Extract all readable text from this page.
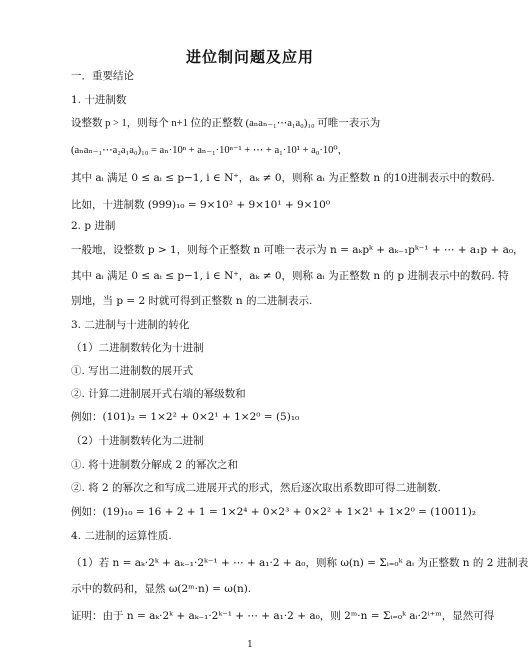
进位制问题及应用
一．重要结论
1. 十进制数
设整数 p > 1，则每个 n+1 位的正整数 (aₙaₙ₋₁⋯a₁a₀)₁₀ 可唯一表示为
(aₙaₙ₋₁⋯a₂a₁a₀)₁₀ = aₙ·10ⁿ + aₙ₋₁·10ⁿ⁻¹ + ⋯ + a₁·10¹ + a₀·10⁰，
其中 aᵢ 满足 0 ≤ aᵢ ≤ p−1, i ∈ N⁺，aₖ ≠ 0，则称 aᵢ 为正整数 n 的10进制表示中的数码.
比如，十进制数 (999)₁₀ = 9×10² + 9×10¹ + 9×10⁰
2. p 进制
一般地，设整数 p > 1，则每个正整数 n 可唯一表示为 n = aₖpᵏ + aₖ₋₁pᵏ⁻¹ + ⋯ + a₁p + a₀，
其中 aᵢ 满足 0 ≤ aᵢ ≤ p−1, i ∈ N⁺，aₖ ≠ 0，则称 aᵢ 为正整数 n 的 p 进制表示中的数码. 特
别地，当 p = 2 时就可得到正整数 n 的二进制表示.
3. 二进制与十进制的转化
（1）二进制数转化为十进制
①. 写出二进制数的展开式
②. 计算二进制展开式右端的幂级数和
例如：(101)₂ = 1×2² + 0×2¹ + 1×2⁰ = (5)₁₀
（2）十进制数转化为二进制
①. 将十进制数分解成 2 的幂次之和
②. 将 2 的幂次之和写成二进展开式的形式，然后逐次取出系数即可得二进制数.
例如：(19)₁₀ = 16 + 2 + 1 = 1×2⁴ + 0×2³ + 0×2² + 1×2¹ + 1×2⁰ = (10011)₂
4. 二进制的运算性质.
（1）若 n = aₖ·2ᵏ + aₖ₋₁·2ᵏ⁻¹ + ⋯ + a₁·2 + a₀，则称 ω(n) = Σᵢ₌₀ᵏ aᵢ 为正整数 n 的 2 进制表
示中的数码和，显然 ω(2ᵐ·n) = ω(n).
证明：由于 n = aₖ·2ᵏ + aₖ₋₁·2ᵏ⁻¹ + ⋯ + a₁·2 + a₀，则 2ᵐ·n = Σᵢ₌₀ᵏ aᵢ·2ⁱ⁺ᵐ，显然可得
1
